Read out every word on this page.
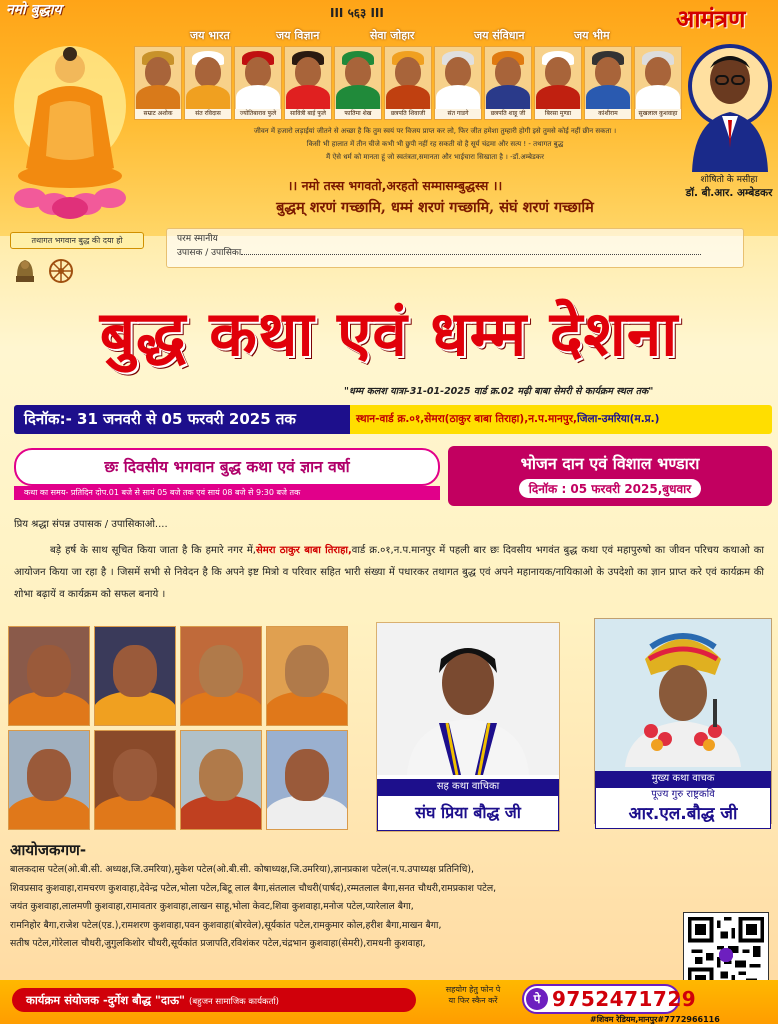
नमो बुद्धाय	III ५६३ III	आमंत्रण
जय भारत	जय विज्ञान	सेवा जोहार	जय संविधान	जय भीम
सम्राट अशोक	संत रविदास	ज्योतिबाराव फुले	सावित्री बाई फुले	फातिमा शेख	छत्रपति शिवाजी	संत गाडगे	छत्रपति शाहू जी	बिरसा मुण्डा	कांशीराम	सुखलाल कुशवाहा
शोषितो के मसीहा
डॉ. बी.आर. अम्बेडकर
जीवन में हजारो लड़ाईयां जीतने से अच्छा है कि तुम स्वयं पर विजय प्राप्त कर लो, फिर जीत हमेशा तुम्हारी होगी इसे तुमसे कोई नहीं छीन सकता ।
किसी भी हालात में तीन चीजे कभी भी छुपी नहीं रह सकती वो है सूर्य चंद्रमा और सत्य ! - तथागत बुद्ध
मैं ऐसे धर्म को मानता हूं जो स्वतंत्रता,समानता और भाईचारा सिखाता है । -डॉ.अम्बेडकर
।। नमो तस्स भगवतो,अरहतो सम्मासम्बुद्धस्स ।।
बुद्धम् शरणं गच्छामि, धम्मं शरणं गच्छामि, संघं शरणं गच्छामि
तथागत भगवान बुद्ध की दया हो	परम स्मानीय
उपासक / उपासिका
बुद्ध कथा एवं धम्म देशना
"धम्म कलश यात्रा-31-01-2025 वार्ड क्र.02 मढ़ी बाबा सेमरी से कार्यक्रम स्थल तक"
दिनॉक:- 31 जनवरी से 05 फरवरी 2025 तक	स्थान-वार्ड क्र.०१,सेमरा(ठाकुर बाबा तिराहा),न.प.मानपुर,जिला-उमरिया(म.प्र.)
छः दिवसीय भगवान बुद्ध कथा एवं ज्ञान वर्षा
कथा का समय- प्रतिदिन दोप.01 बजे से सायं 05 बजे तक एवं सायं 08 बजे से 9:30 बजे तक
भोजन दान एवं विशाल भण्डारा
दिनॉक : 05 फरवरी 2025,बुधवार
प्रिय श्रद्धा संपन्न उपासक / उपासिकाओ....
बड़े हर्ष के साथ सूचित किया जाता है कि हमारे नगर में,सेमरा ठाकुर बाबा तिराहा,वार्ड क्र.०१,न.प.मानपुर में पहली बार छः दिवसीय भगवंत बुद्ध कथा एवं महापुरुषो का जीवन परिचय कथाओ का आयोजन किया जा रहा है । जिसमें सभी से निवेदन है कि अपने इष्ट मित्रो व परिवार सहित भारी संख्या में पधारकर तथागत बुद्ध एवं अपने महानायक/नायिकाओ के उपदेशो का ज्ञान प्राप्त करे एवं कार्यक्रम की शोभा बढ़ायें व कार्यक्रम को सफल बनाये ।
सह कथा वाचिका
संघ प्रिया बौद्ध जी
मुख्य कथा वाचक
पूज्य गुरु राष्ट्रकवि
आर.एल.बौद्ध जी
आयोजकगण-
बालकदास पटेल(ओ.बी.सी. अध्यक्ष,जि.उमरिया),मुकेश पटेल(ओ.बी.सी. कोषाध्यक्ष,जि.उमरिया),ज्ञानप्रकाश पटेल(न.प.उपाध्यक्ष प्रतिनिधि),
शिवप्रसाद कुशवाहा,रामचरण कुशवाहा,देवेन्द्र पटेल,भोला पटेल,बिटू लाल बैगा,संतलाल चौधरी(पार्षद),रम्मतलाल बैगा,सनत चौधरी,रामप्रकाश पटेल,
जयंत कुशवाहा,लालमणी कुशवाहा,रामावतार कुशवाहा,लाखन साहू,भोला केवट,शिवा कुशवाहा,मनोज पटेल,प्यारेलाल बैगा,
रामनिहोर बैगा,राजेश पटेल(एड.),रामशरण कुशवाहा,पवन कुशवाहा(बोरवेल),सूर्यकांत पटेल,रामकुमार कोल,हरीश बैगा,माखन बैगा,
सतीष पटेल,गोरेलाल चौधरी,जुगुलकिशोर चौधरी,सूर्यकांत प्रजापति,रविशंकर पटेल,चंद्रभान कुशवाहा(सेमरी),रामधनी कुशवाहा,
कार्यक्रम संयोजक -दुर्गेश बौद्ध "दाऊ" (बहुजन सामाजिक कार्यकर्ता)
सहयोग हेतु फोन पे
या फिर स्कैन करें	पे 9752471729
#शिवम रेडियम,मानपुर#7772966116
